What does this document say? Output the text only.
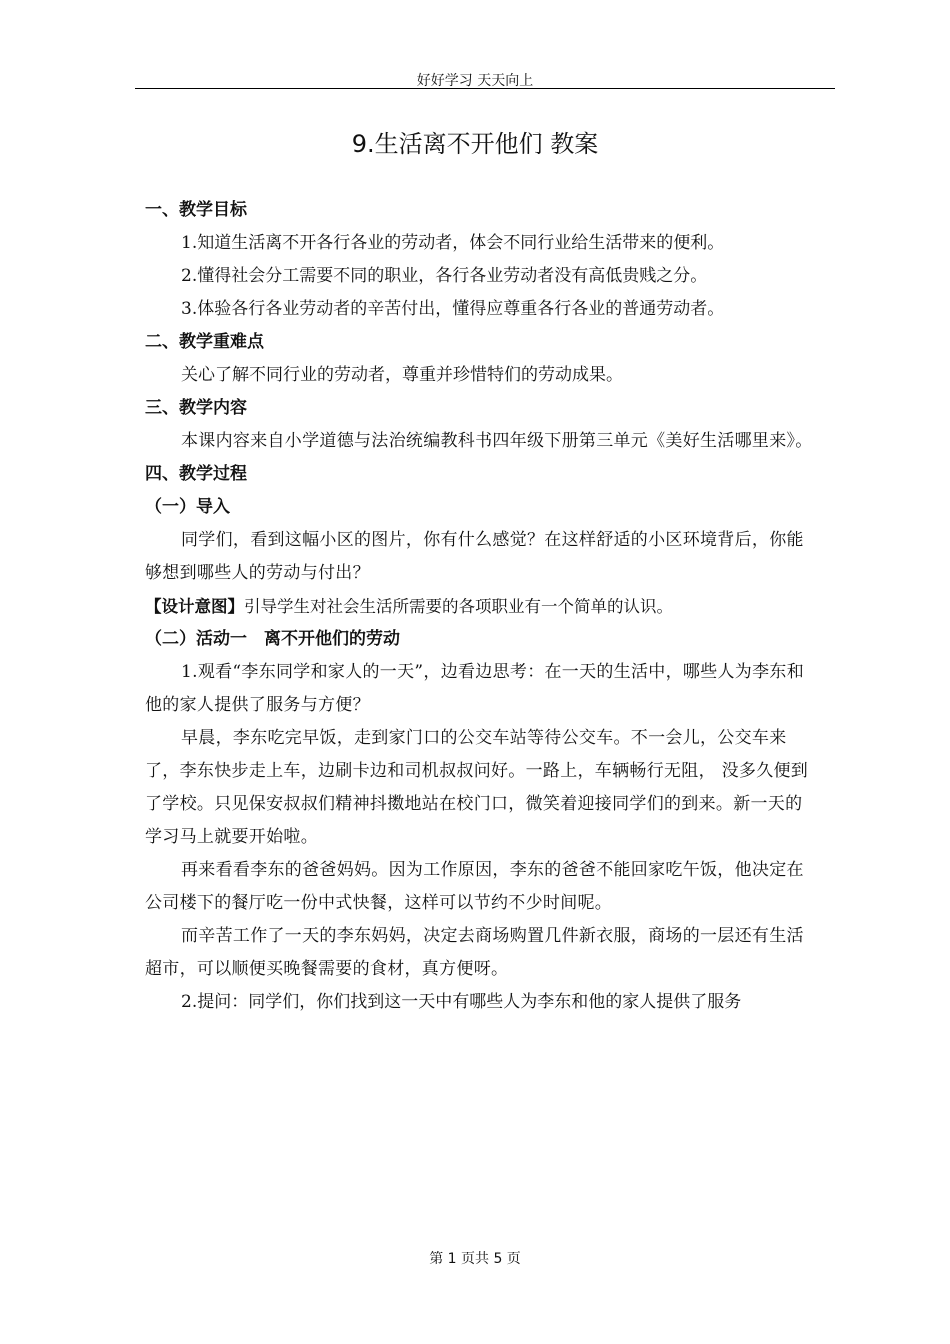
好好学习 天天向上
9.生活离不开他们 教案
一、教学目标
1.知道生活离不开各行各业的劳动者，体会不同行业给生活带来的便利。
2.懂得社会分工需要不同的职业，各行各业劳动者没有高低贵贱之分。
3.体验各行各业劳动者的辛苦付出，懂得应尊重各行各业的普通劳动者。
二、教学重难点
关心了解不同行业的劳动者，尊重并珍惜特们的劳动成果。
三、教学内容
本课内容来自小学道德与法治统编教科书四年级下册第三单元《美好生活哪里来》。
四、教学过程
（一）导入
同学们，看到这幅小区的图片，你有什么感觉？在这样舒适的小区环境背后，你能够想到哪些人的劳动与付出？
【设计意图】引导学生对社会生活所需要的各项职业有一个简单的认识。
（二）活动一　离不开他们的劳动
1.观看“李东同学和家人的一天”，边看边思考：在一天的生活中，哪些人为李东和他的家人提供了服务与方便？
早晨，李东吃完早饭，走到家门口的公交车站等待公交车。不一会儿，公交车来了，李东快步走上车，边刷卡边和司机叔叔问好。一路上，车辆畅行无阻， 没多久便到了学校。只见保安叔叔们精神抖擞地站在校门口，微笑着迎接同学们的到来。新一天的学习马上就要开始啦。
再来看看李东的爸爸妈妈。因为工作原因，李东的爸爸不能回家吃午饭，他决定在公司楼下的餐厅吃一份中式快餐，这样可以节约不少时间呢。
而辛苦工作了一天的李东妈妈，决定去商场购置几件新衣服，商场的一层还有生活超市，可以顺便买晚餐需要的食材，真方便呀。
2.提问：同学们，你们找到这一天中有哪些人为李东和他的家人提供了服务
第 1 页共 5 页
